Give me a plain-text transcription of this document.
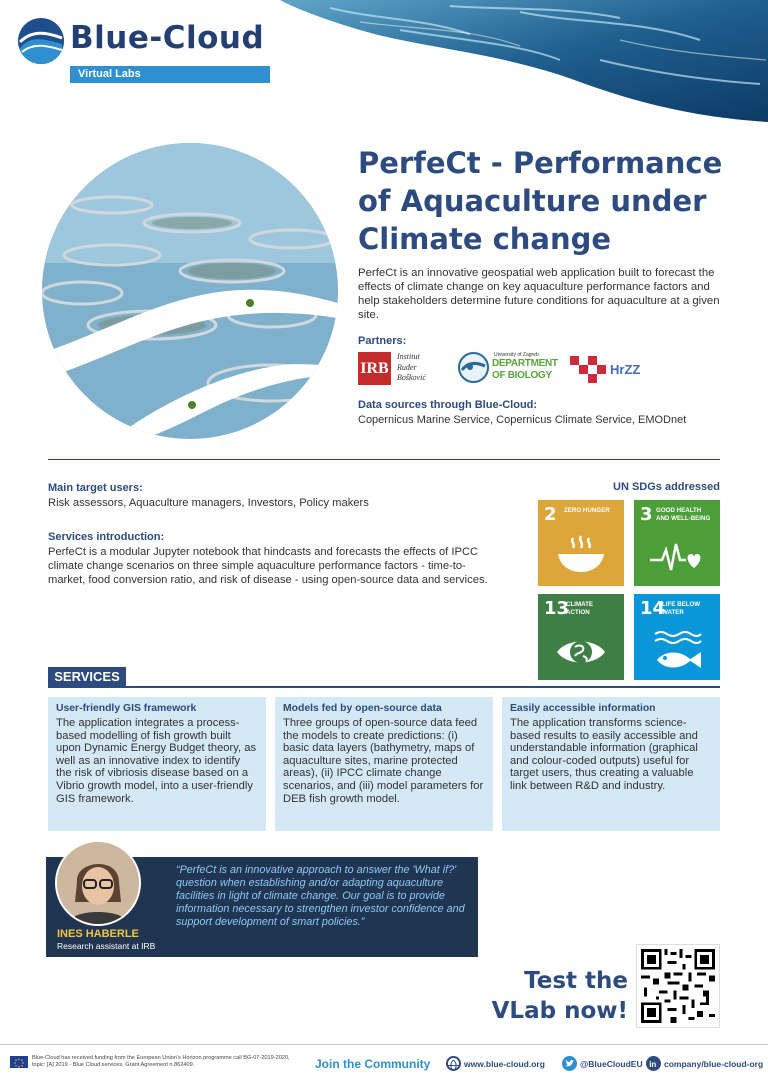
Blue-Cloud
Virtual Labs
PerfeCt - Performance of Aquaculture under Climate change
PerfeCt is an innovative geospatial web application built to forecast the effects of climate change on key aquaculture performance factors and help stakeholders determine future conditions for aquaculture at a given site.
Partners:
IRB
Institut
Ruđer
Bošković
University of Zagreb
DEPARTMENT
OF BIOLOGY	HrZZ
Data sources through Blue-Cloud:
Copernicus Marine Service, Copernicus Climate Service, EMODnet
Main target users:
Risk assessors, Aquaculture managers, Investors, Policy makers
Services introduction:
PerfeCt is a modular Jupyter notebook that hindcasts and forecasts the effects of IPCC climate change scenarios on three simple aquaculture performance factors - time-to-market, food conversion ratio, and risk of disease - using open-source data and services.
UN SDGs addressed
2 ZERO HUNGER 3 GOOD HEALTH AND WELL-BEING
13
CLIMATE ACTION	14
LIFE BELOW WATER
SERVICES
User-friendly GIS framework
The application integrates a process-based modelling of fish growth built upon Dynamic Energy Budget theory, as well as an innovative index to identify the risk of vibriosis disease based on a Vibrio growth model, into a user-friendly GIS framework.
Models fed by open-source data
Three groups of open-source data feed the models to create predictions: (i) basic data layers (bathymetry, maps of aquaculture sites, marine protected areas), (ii) IPCC climate change scenarios, and (iii) model parameters for DEB fish growth model.
Easily accessible information
The application transforms science-based results to easily accessible and understandable information (graphical and colour-coded outputs) useful for target users, thus creating a valuable link between R&D and industry.
INES HABERLE
Research assistant at IRB
“PerfeCt is an innovative approach to answer the 'What if?' question when establishing and/or adapting aquaculture facilities in light of climate change. Our goal is to provide information necessary to strengthen investor confidence and support development of smart policies.”
Test the
VLab now!
Blue-Cloud has received funding from the European Union's Horizon programme call BG-07-2019-2020, topic: [A] 2019 - Blue Cloud services, Grant Agreement n.862409.	Join the Community	www.blue-cloud.org	@BlueCloudEU in company/blue-cloud-org
